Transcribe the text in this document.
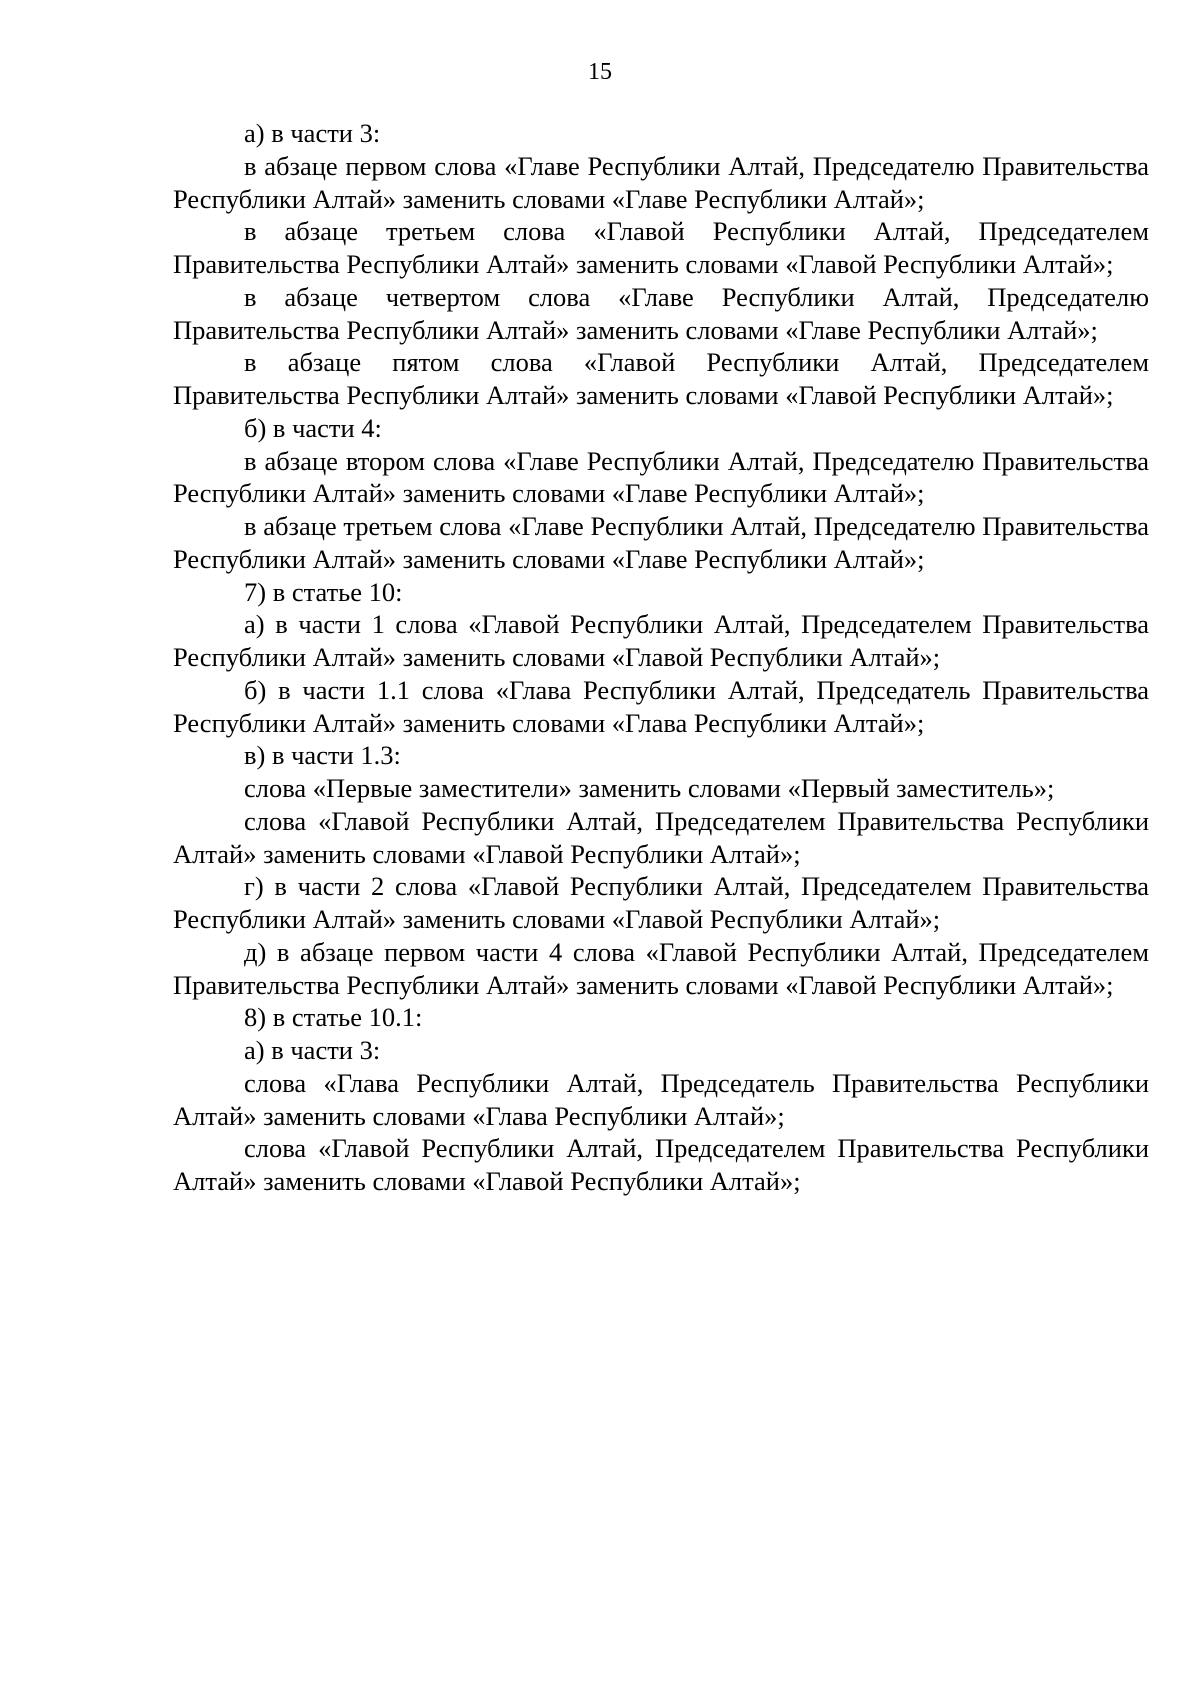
15

а) в части 3:

в абзаце первом слова «Главе Республики Алтай, Председателю Правительства Республики Алтай» заменить словами «Главе Республики Алтай»;

в абзаце третьем слова «Главой Республики Алтай, Председателем Правительства Республики Алтай» заменить словами «Главой Республики Алтай»;

в абзаце четвертом слова «Главе Республики Алтай, Председателю Правительства Республики Алтай» заменить словами «Главе Республики Алтай»;

в абзаце пятом слова «Главой Республики Алтай, Председателем Правительства Республики Алтай» заменить словами «Главой Республики Алтай»;

б) в части 4:

в абзаце втором слова «Главе Республики Алтай, Председателю Правительства Республики Алтай» заменить словами «Главе Республики Алтай»;

в абзаце третьем слова «Главе Республики Алтай, Председателю Правительства Республики Алтай» заменить словами «Главе Республики Алтай»;

7) в статье 10:

а) в части 1 слова «Главой Республики Алтай, Председателем Правительства Республики Алтай» заменить словами «Главой Республики Алтай»;

б) в части 1.1 слова «Глава Республики Алтай, Председатель Правительства Республики Алтай» заменить словами «Глава Республики Алтай»;

в) в части 1.3:

слова «Первые заместители» заменить словами «Первый заместитель»;

слова «Главой Республики Алтай, Председателем Правительства Республики Алтай» заменить словами «Главой Республики Алтай»;

г) в части 2 слова «Главой Республики Алтай, Председателем Правительства Республики Алтай» заменить словами «Главой Республики Алтай»;

д) в абзаце первом части 4 слова «Главой Республики Алтай, Председателем Правительства Республики Алтай» заменить словами «Главой Республики Алтай»;

8) в статье 10.1:

а) в части 3:

слова «Глава Республики Алтай, Председатель Правительства Республики Алтай» заменить словами «Глава Республики Алтай»;

слова «Главой Республики Алтай, Председателем Правительства Республики Алтай» заменить словами «Главой Республики Алтай»;
